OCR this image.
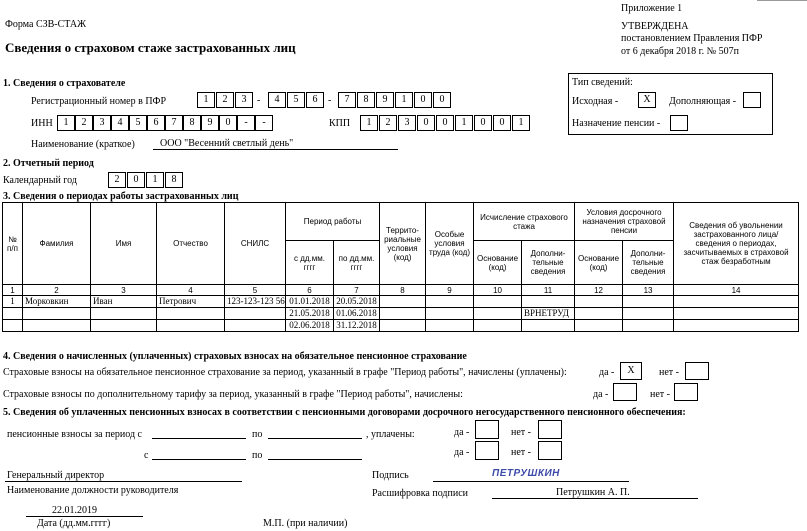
Форма СЗВ-СТАЖ
Сведения о страховом стаже застрахованных лиц
Приложение 1
УТВЕРЖДЕНА
постановлением Правления ПФР
от 6 декабря 2018 г. № 507п
1. Сведения о страхователе
Регистрационный номер в ПФР	1	2	3	-	4	5	6	-	7	8	9	1	0	0
ИНН	1	2	3	4	5	6	7	8	9	0	-	-	КПП	1	2	3	0	0	1	0	0	1
Наименование (краткое)	ООО "Весенний светлый день"
Тип сведений:
Исходная -	X	Дополняющая -
Назначение пенсии -
2. Отчетный период
Календарный год	2	0	1	8
3. Сведения о периодах работы застрахованных лиц
№ п/п	Фамилия	Имя	Отчество	СНИЛС	Период работы		Террито-риальные условия (код)	Особые условия труда (код)	Исчисление страхового стажа		Условия досрочного назначения страховой пенсии		Сведения об увольнении застрахованного лица/ сведения о периодах, засчитываемых в страховой стаж безработным
					с дд.мм. гггг	по дд.мм. гггг			Основание (код)	Дополни-тельные сведения	Основание (код)	Дополни-тельные сведения	
1	2	3	4	5	6	7	8	9	10	11	12	13	14
1	Морковкин	Иван	Петрович	123-123-123 56	01.01.2018	20.05.2018							
					21.05.2018	01.06.2018				ВРНЕТРУД			
					02.06.2018	31.12.2018							
4. Сведения о начисленных (уплаченных) страховых взносах на обязательное пенсионное страхование
Страховые взносы на обязательное пенсионное страхование за период, указанный в графе "Период работы", начислены (уплачены):	да -	X	нет -
Страховые взносы по дополнительному тарифу за период, указанный в графе "Период работы", начислены:	да -	нет -
5. Сведения об уплаченных пенсионных взносах в соответствии с пенсионными договорами досрочного негосударственного пенсионного обеспечения:
пенсионные взносы за период с	по	, уплачены:	да -	нет -
с	по	да -	нет -
Генеральный директор
Наименование должности руководителя
Подпись	ПЕТРУШКИН
Расшифровка подписи	Петрушкин А. П.
22.01.2019
Дата (дд.мм.гггг)	М.П. (при наличии)
